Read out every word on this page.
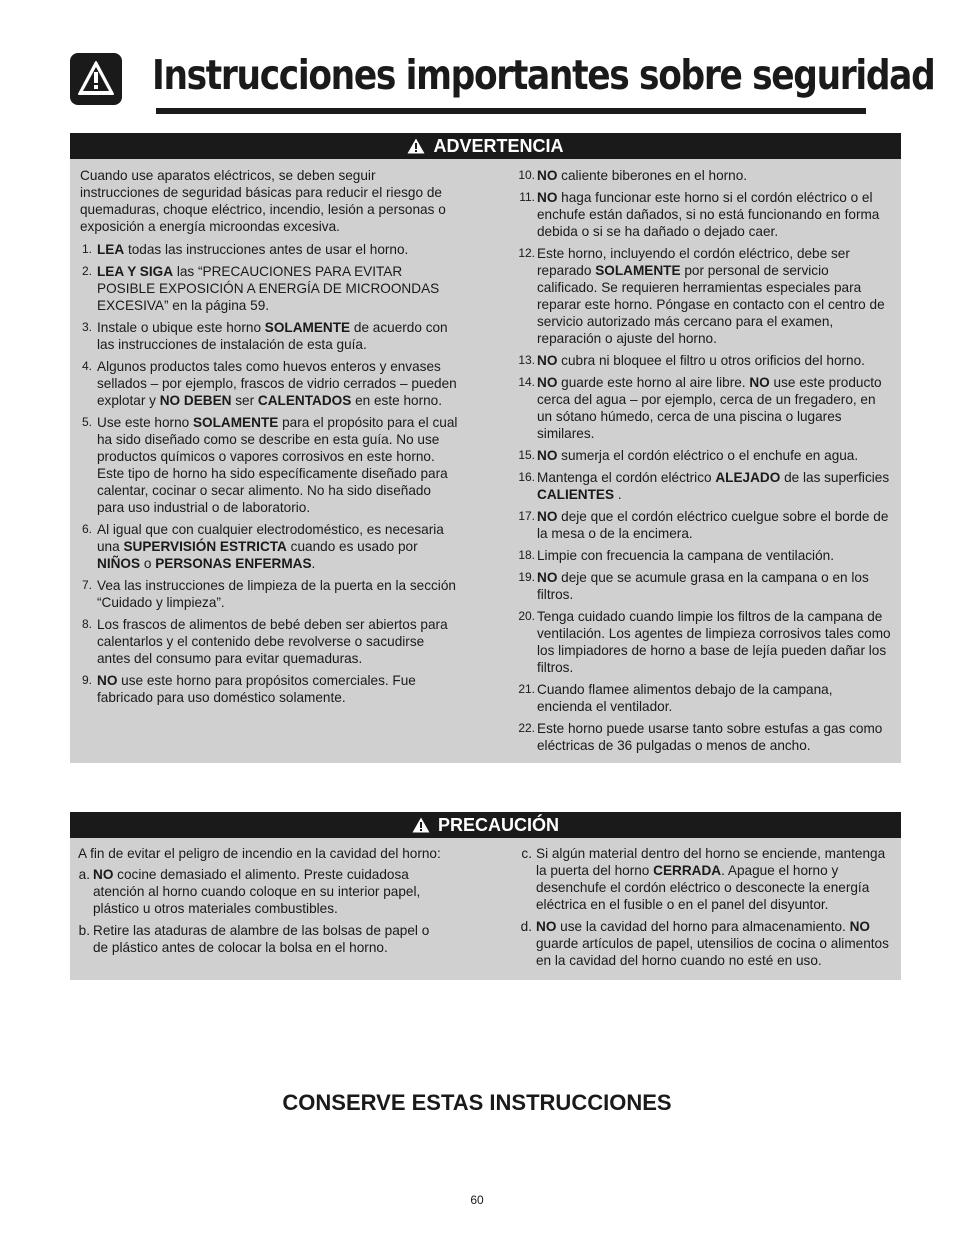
Instrucciones importantes sobre seguridad
ADVERTENCIA

Cuando use aparatos eléctricos, se deben seguir instrucciones de seguridad básicas para reducir el riesgo de quemaduras, choque eléctrico, incendio, lesión a personas o exposición a energía microondas excesiva.

1. LEA todas las instrucciones antes de usar el horno.
2. LEA Y SIGA las “PRECAUCIONES PARA EVITAR POSIBLE EXPOSICIÓN A ENERGÍA DE MICROONDAS EXCESIVA” en la página 59.
3. Instale o ubique este horno SOLAMENTE de acuerdo con las instrucciones de instalación de esta guía.
4. Algunos productos tales como huevos enteros y envases sellados – por ejemplo, frascos de vidrio cerrados – pueden explotar y NO DEBEN ser CALENTADOS en este horno.
5. Use este horno SOLAMENTE para el propósito para el cual ha sido diseñado como se describe en esta guía. No use productos químicos o vapores corrosivos en este horno. Este tipo de horno ha sido específicamente diseñado para calentar, cocinar o secar alimento. No ha sido diseñado para uso industrial o de laboratorio.
6. Al igual que con cualquier electrodoméstico, es necesaria una SUPERVISIÓN ESTRICTA cuando es usado por NIÑOS o PERSONAS ENFERMAS.
7. Vea las instrucciones de limpieza de la puerta en la sección “Cuidado y limpieza”.
8. Los frascos de alimentos de bebé deben ser abiertos para calentarlos y el contenido debe revolverse o sacudirse antes del consumo para evitar quemaduras.
9. NO use este horno para propósitos comerciales. Fue fabricado para uso doméstico solamente.
10. NO caliente biberones en el horno.
11. NO haga funcionar este horno si el cordón eléctrico o el enchufe están dañados, si no está funcionando en forma debida o si se ha dañado o dejado caer.
12. Este horno, incluyendo el cordón eléctrico, debe ser reparado SOLAMENTE por personal de servicio calificado. Se requieren herramientas especiales para reparar este horno. Póngase en contacto con el centro de servicio autorizado más cercano para el examen, reparación o ajuste del horno.
13. NO cubra ni bloquee el filtro u otros orificios del horno.
14. NO guarde este horno al aire libre. NO use este producto cerca del agua – por ejemplo, cerca de un fregadero, en un sótano húmedo, cerca de una piscina o lugares similares.
15. NO sumerja el cordón eléctrico o el enchufe en agua.
16. Mantenga el cordón eléctrico ALEJADO de las superficies CALIENTES .
17. NO deje que el cordón eléctrico cuelgue sobre el borde de la mesa o de la encimera.
18. Limpie con frecuencia la campana de ventilación.
19. NO deje que se acumule grasa en la campana o en los filtros.
20. Tenga cuidado cuando limpie los filtros de la campana de ventilación. Los agentes de limpieza corrosivos tales como los limpiadores de horno a base de lejía pueden dañar los filtros.
21. Cuando flamee alimentos debajo de la campana, encienda el ventilador.
22. Este horno puede usarse tanto sobre estufas a gas como eléctricas de 36 pulgadas o menos de ancho.
PRECAUCIÓN

A fin de evitar el peligro de incendio en la cavidad del horno:

a. NO cocine demasiado el alimento. Preste cuidadosa atención al horno cuando coloque en su interior papel, plástico u otros materiales combustibles.
b. Retire las ataduras de alambre de las bolsas de papel o de plástico antes de colocar la bolsa en el horno.
c. Si algún material dentro del horno se enciende, mantenga la puerta del horno CERRADA. Apague el horno y desenchufe el cordón eléctrico o desconecte la energía eléctrica en el fusible o en el panel del disyuntor.
d. NO use la cavidad del horno para almacenamiento. NO guarde artículos de papel, utensilios de cocina o alimentos en la cavidad del horno cuando no esté en uso.
CONSERVE ESTAS INSTRUCCIONES
60
